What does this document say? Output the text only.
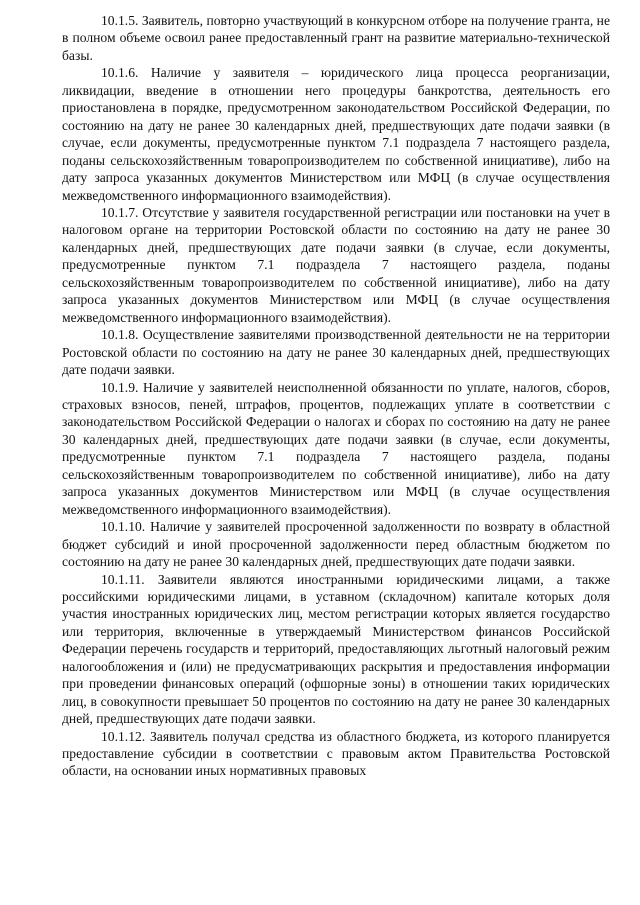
10.1.5. Заявитель, повторно участвующий в конкурсном отборе на получение гранта, не в полном объеме освоил ранее предоставленный грант на развитие материально-технической базы.

10.1.6. Наличие у заявителя – юридического лица процесса реорганизации, ликвидации, введение в отношении него процедуры банкротства, деятельность его приостановлена в порядке, предусмотренном законодательством Российской Федерации, по состоянию на дату не ранее 30 календарных дней, предшествующих дате подачи заявки (в случае, если документы, предусмотренные пунктом 7.1 подраздела 7 настоящего раздела, поданы сельскохозяйственным товаропроизводителем по собственной инициативе), либо на дату запроса указанных документов Министерством или МФЦ (в случае осуществления межведомственного информационного взаимодействия).

10.1.7. Отсутствие у заявителя государственной регистрации или постановки на учет в налоговом органе на территории Ростовской области по состоянию на дату не ранее 30 календарных дней, предшествующих дате подачи заявки (в случае, если документы, предусмотренные пунктом 7.1 подраздела 7 настоящего раздела, поданы сельскохозяйственным товаропроизводителем по собственной инициативе), либо на дату запроса указанных документов Министерством или МФЦ (в случае осуществления межведомственного информационного взаимодействия).

10.1.8. Осуществление заявителями производственной деятельности не на территории Ростовской области по состоянию на дату не ранее 30 календарных дней, предшествующих дате подачи заявки.

10.1.9. Наличие у заявителей неисполненной обязанности по уплате, налогов, сборов, страховых взносов, пеней, штрафов, процентов, подлежащих уплате в соответствии с законодательством Российской Федерации о налогах и сборах по состоянию на дату не ранее 30 календарных дней, предшествующих дате подачи заявки (в случае, если документы, предусмотренные пунктом 7.1 подраздела 7 настоящего раздела, поданы сельскохозяйственным товаропроизводителем по собственной инициативе), либо на дату запроса указанных документов Министерством или МФЦ (в случае осуществления межведомственного информационного взаимодействия).

10.1.10. Наличие у заявителей просроченной задолженности по возврату в областной бюджет субсидий и иной просроченной задолженности перед областным бюджетом по состоянию на дату не ранее 30 календарных дней, предшествующих дате подачи заявки.

10.1.11. Заявители являются иностранными юридическими лицами, а также российскими юридическими лицами, в уставном (складочном) капитале которых доля участия иностранных юридических лиц, местом регистрации которых является государство или территория, включенные в утверждаемый Министерством финансов Российской Федерации перечень государств и территорий, предоставляющих льготный налоговый режим налогообложения и (или) не предусматривающих раскрытия и предоставления информации при проведении финансовых операций (офшорные зоны) в отношении таких юридических лиц, в совокупности превышает 50 процентов по состоянию на дату не ранее 30 календарных дней, предшествующих дате подачи заявки.

10.1.12. Заявитель получал средства из областного бюджета, из которого планируется предоставление субсидии в соответствии с правовым актом Правительства Ростовской области, на основании иных нормативных правовых
